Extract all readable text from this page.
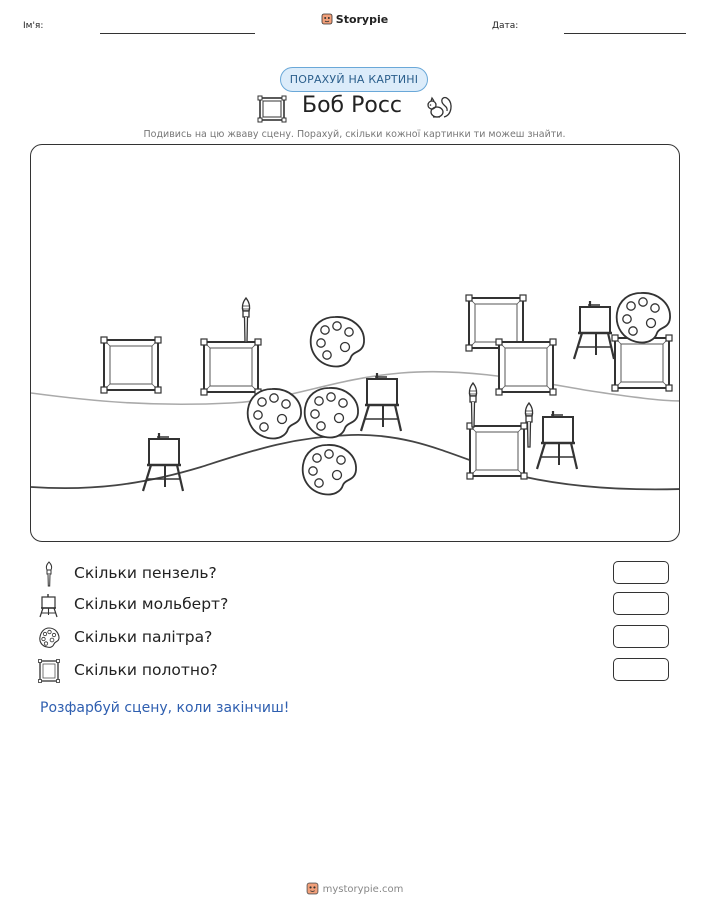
Ім'я:	Дата:
Storypie
ПОРАХУЙ НА КАРТИНІ
Боб Росс
Подивись на цю жваву сцену. Порахуй, скільки кожної картинки ти можеш знайти.
Скільки пензель?
Скільки мольберт?
Скільки палітра?
Скільки полотно?
Розфарбуй сцену, коли закінчиш!
mystorypie.com
